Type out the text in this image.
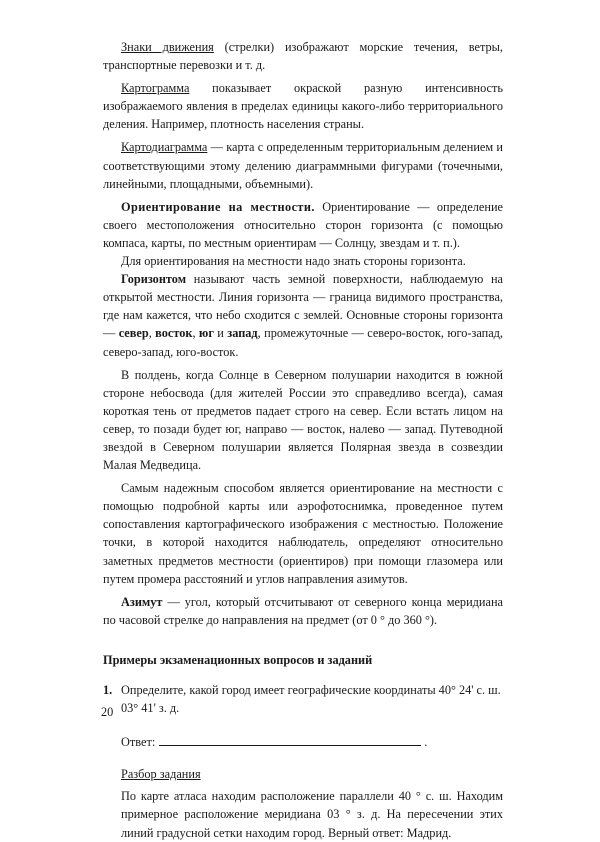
Знаки движения (стрелки) изображают морские течения, ветры, транспортные перевозки и т. д.

Картограмма показывает окраской разную интенсивность изображаемого явления в пределах единицы какого-либо территориального деления. Например, плотность населения страны.

Картодиаграмма — карта с определенным территориальным делением и соответствующими этому делению диаграммными фигурами (точечными, линейными, площадными, объемными).

Ориентирование на местности. Ориентирование — определение своего местоположения относительно сторон горизонта (с помощью компаса, карты, по местным ориентирам — Солнцу, звездам и т. п.).

Для ориентирования на местности надо знать стороны горизонта.

Горизонтом называют часть земной поверхности, наблюдаемую на открытой местности. Линия горизонта — граница видимого пространства, где нам кажется, что небо сходится с землей. Основные стороны горизонта — север, восток, юг и запад, промежуточные — северо-восток, юго-запад, северо-запад, юго-восток.

В полдень, когда Солнце в Северном полушарии находится в южной стороне небосвода (для жителей России это справедливо всегда), самая короткая тень от предметов падает строго на север. Если встать лицом на север, то позади будет юг, направо — восток, налево — запад. Путеводной звездой в Северном полушарии является Полярная звезда в созвездии Малая Медведица.

Самым надежным способом является ориентирование на местности с помощью подробной карты или аэрофотоснимка, проведенное путем сопоставления картографического изображения с местностью. Положение точки, в которой находится наблюдатель, определяют относительно заметных предметов местности (ориентиров) при помощи глазомера или путем промера расстояний и углов направления азимутов.

Азимут — угол, который отсчитывают от северного конца меридиана по часовой стрелке до направления на предмет (от 0 ° до 360 °).

Примеры экзаменационных вопросов и заданий
1. Определите, какой город имеет географические координаты 40° 24' с. ш. 03° 41' з. д.
Ответ:	.
Разбор задания

По карте атласа находим расположение параллели 40 ° с. ш. Находим примерное расположение меридиана 03 ° з. д. На пересечении этих линий градусной сетки находим город. Верный ответ: Мадрид.

20
